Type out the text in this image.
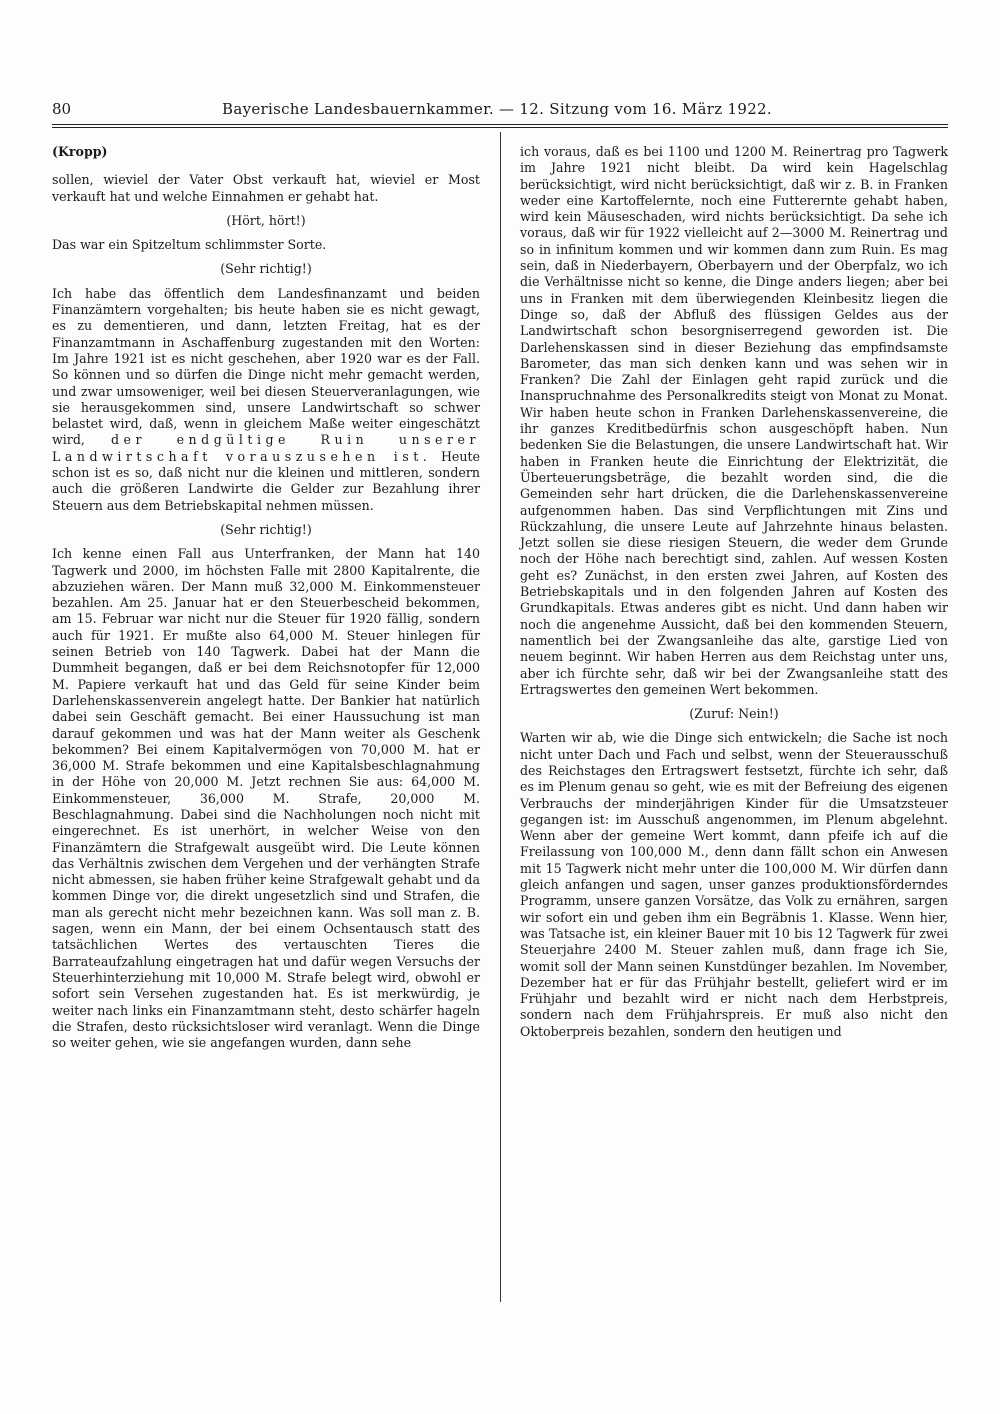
80	Bayerische Landesbauernkammer. — 12. Sitzung vom 16. März 1922.

(Kropp)

sollen, wieviel der Vater Obst verkauft hat, wieviel er Most verkauft hat und welche Einnahmen er gehabt hat.

(Hört, hört!)

Das war ein Spitzeltum schlimmster Sorte.

(Sehr richtig!)

Ich habe das öffentlich dem Landesfinanzamt und beiden Finanzämtern vorgehalten; bis heute haben sie es nicht gewagt, es zu dementieren, und dann, letzten Freitag, hat es der Finanzamtmann in Aschaffenburg zugestanden mit den Worten: Im Jahre 1921 ist es nicht geschehen, aber 1920 war es der Fall. So können und so dürfen die Dinge nicht mehr gemacht werden, und zwar umsoweniger, weil bei diesen Steuerveranlagungen, wie sie herausgekommen sind, unsere Landwirtschaft so schwer belastet wird, daß, wenn in gleichem Maße weiter eingeschätzt wird, der endgültige Ruin unserer Landwirtschaft vorauszusehen ist. Heute schon ist es so, daß nicht nur die kleinen und mittleren, sondern auch die größeren Landwirte die Gelder zur Bezahlung ihrer Steuern aus dem Betriebskapital nehmen müssen.

(Sehr richtig!)

Ich kenne einen Fall aus Unterfranken, der Mann hat 140 Tagwerk und 2000, im höchsten Falle mit 2800 Kapitalrente, die abzuziehen wären. Der Mann muß 32,000 M. Einkommensteuer bezahlen. Am 25. Januar hat er den Steuerbescheid bekommen, am 15. Februar war nicht nur die Steuer für 1920 fällig, sondern auch für 1921. Er mußte also 64,000 M. Steuer hinlegen für seinen Betrieb von 140 Tagwerk. Dabei hat der Mann die Dummheit begangen, daß er bei dem Reichsnotopfer für 12,000 M. Papiere verkauft hat und das Geld für seine Kinder beim Darlehenskassenverein angelegt hatte. Der Bankier hat natürlich dabei sein Geschäft gemacht. Bei einer Haussuchung ist man darauf gekommen und was hat der Mann weiter als Geschenk bekommen? Bei einem Kapitalvermögen von 70,000 M. hat er 36,000 M. Strafe bekommen und eine Kapitalsbeschlagnahmung in der Höhe von 20,000 M. Jetzt rechnen Sie aus: 64,000 M. Einkommensteuer, 36,000 M. Strafe, 20,000 M. Beschlagnahmung. Dabei sind die Nachholungen noch nicht mit eingerechnet. Es ist unerhört, in welcher Weise von den Finanzämtern die Strafgewalt ausgeübt wird. Die Leute können das Verhältnis zwischen dem Vergehen und der verhängten Strafe nicht abmessen, sie haben früher keine Strafgewalt gehabt und da kommen Dinge vor, die direkt ungesetzlich sind und Strafen, die man als gerecht nicht mehr bezeichnen kann. Was soll man z. B. sagen, wenn ein Mann, der bei einem Ochsentausch statt des tatsächlichen Wertes des vertauschten Tieres die Barrateaufzahlung eingetragen hat und dafür wegen Versuchs der Steuerhinterziehung mit 10,000 M. Strafe belegt wird, obwohl er sofort sein Versehen zugestanden hat. Es ist merkwürdig, je weiter nach links ein Finanzamtmann steht, desto schärfer hageln die Strafen, desto rücksichtsloser wird veranlagt. Wenn die Dinge so weiter gehen, wie sie angefangen wurden, dann sehe

ich voraus, daß es bei 1100 und 1200 M. Reinertrag pro Tagwerk im Jahre 1921 nicht bleibt. Da wird kein Hagelschlag berücksichtigt, wird nicht berücksichtigt, daß wir z. B. in Franken weder eine Kartoffelernte, noch eine Futterernte gehabt haben, wird kein Mäuseschaden, wird nichts berücksichtigt. Da sehe ich voraus, daß wir für 1922 vielleicht auf 2—3000 M. Reinertrag und so in infinitum kommen und wir kommen dann zum Ruin. Es mag sein, daß in Niederbayern, Oberbayern und der Oberpfalz, wo ich die Verhältnisse nicht so kenne, die Dinge anders liegen; aber bei uns in Franken mit dem überwiegenden Kleinbesitz liegen die Dinge so, daß der Abfluß des flüssigen Geldes aus der Landwirtschaft schon besorgniserregend geworden ist. Die Darlehenskassen sind in dieser Beziehung das empfindsamste Barometer, das man sich denken kann und was sehen wir in Franken? Die Zahl der Einlagen geht rapid zurück und die Inanspruchnahme des Personalkredits steigt von Monat zu Monat. Wir haben heute schon in Franken Darlehenskassenvereine, die ihr ganzes Kreditbedürfnis schon ausgeschöpft haben. Nun bedenken Sie die Belastungen, die unsere Landwirtschaft hat. Wir haben in Franken heute die Einrichtung der Elektrizität, die Überteuerungsbeträge, die bezahlt worden sind, die die Gemeinden sehr hart drücken, die die Darlehenskassenvereine aufgenommen haben. Das sind Verpflichtungen mit Zins und Rückzahlung, die unsere Leute auf Jahrzehnte hinaus belasten. Jetzt sollen sie diese riesigen Steuern, die weder dem Grunde noch der Höhe nach berechtigt sind, zahlen. Auf wessen Kosten geht es? Zunächst, in den ersten zwei Jahren, auf Kosten des Betriebskapitals und in den folgenden Jahren auf Kosten des Grundkapitals. Etwas anderes gibt es nicht. Und dann haben wir noch die angenehme Aussicht, daß bei den kommenden Steuern, namentlich bei der Zwangsanleihe das alte, garstige Lied von neuem beginnt. Wir haben Herren aus dem Reichstag unter uns, aber ich fürchte sehr, daß wir bei der Zwangsanleihe statt des Ertragswertes den gemeinen Wert bekommen.

(Zuruf: Nein!)

Warten wir ab, wie die Dinge sich entwickeln; die Sache ist noch nicht unter Dach und Fach und selbst, wenn der Steuerausschuß des Reichstages den Ertragswert festsetzt, fürchte ich sehr, daß es im Plenum genau so geht, wie es mit der Befreiung des eigenen Verbrauchs der minderjährigen Kinder für die Umsatzsteuer gegangen ist: im Ausschuß angenommen, im Plenum abgelehnt. Wenn aber der gemeine Wert kommt, dann pfeife ich auf die Freilassung von 100,000 M., denn dann fällt schon ein Anwesen mit 15 Tagwerk nicht mehr unter die 100,000 M. Wir dürfen dann gleich anfangen und sagen, unser ganzes produktionsförderndes Programm, unsere ganzen Vorsätze, das Volk zu ernähren, sargen wir sofort ein und geben ihm ein Begräbnis 1. Klasse. Wenn hier, was Tatsache ist, ein kleiner Bauer mit 10 bis 12 Tagwerk für zwei Steuerjahre 2400 M. Steuer zahlen muß, dann frage ich Sie, womit soll der Mann seinen Kunstdünger bezahlen. Im November, Dezember hat er für das Frühjahr bestellt, geliefert wird er im Frühjahr und bezahlt wird er nicht nach dem Herbstpreis, sondern nach dem Frühjahrspreis. Er muß also nicht den Oktoberpreis bezahlen, sondern den heutigen und
